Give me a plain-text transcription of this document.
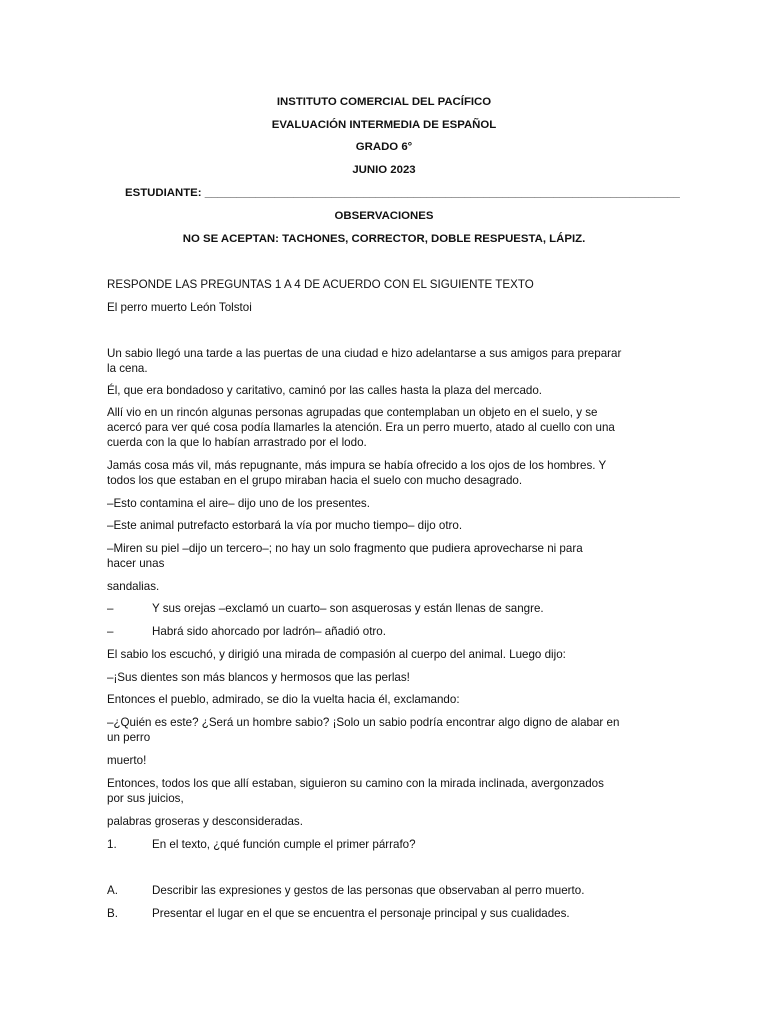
INSTITUTO COMERCIAL DEL PACÍFICO
EVALUACIÓN INTERMEDIA DE ESPAÑOL
GRADO 6°
JUNIO 2023
ESTUDIANTE: ___________________________________________________________________________
OBSERVACIONES
NO SE ACEPTAN: TACHONES, CORRECTOR, DOBLE RESPUESTA, LÁPIZ.
RESPONDE LAS PREGUNTAS 1 A 4 DE ACUERDO CON EL SIGUIENTE TEXTO
El perro muerto León Tolstoi
Un sabio llegó una tarde a las puertas de una ciudad e hizo adelantarse a sus amigos para preparar
la cena.
Él, que era bondadoso y caritativo, caminó por las calles hasta la plaza del mercado.
Allí vio en un rincón algunas personas agrupadas que contemplaban un objeto en el suelo, y se
acercó para ver qué cosa podía llamarles la atención. Era un perro muerto, atado al cuello con una
cuerda con la que lo habían arrastrado por el lodo.
Jamás cosa más vil, más repugnante, más impura se había ofrecido a los ojos de los hombres. Y
todos los que estaban en el grupo miraban hacia el suelo con mucho desagrado.
–Esto contamina el aire– dijo uno de los presentes.
–Este animal putrefacto estorbará la vía por mucho tiempo– dijo otro.
–Miren su piel –dijo un tercero–; no hay un solo fragmento que pudiera aprovecharse ni para
hacer unas
sandalias.
–	Y sus orejas –exclamó un cuarto– son asquerosas y están llenas de sangre.
–	Habrá sido ahorcado por ladrón– añadió otro.
El sabio los escuchó, y dirigió una mirada de compasión al cuerpo del animal. Luego dijo:
–¡Sus dientes son más blancos y hermosos que las perlas!
Entonces el pueblo, admirado, se dio la vuelta hacia él, exclamando:
–¿Quién es este? ¿Será un hombre sabio? ¡Solo un sabio podría encontrar algo digno de alabar en
un perro
muerto!
Entonces, todos los que allí estaban, siguieron su camino con la mirada inclinada, avergonzados
por sus juicios,
palabras groseras y desconsideradas.
1.	En el texto, ¿qué función cumple el primer párrafo?
A.	Describir las expresiones y gestos de las personas que observaban al perro muerto.
B.	Presentar el lugar en el que se encuentra el personaje principal y sus cualidades.
